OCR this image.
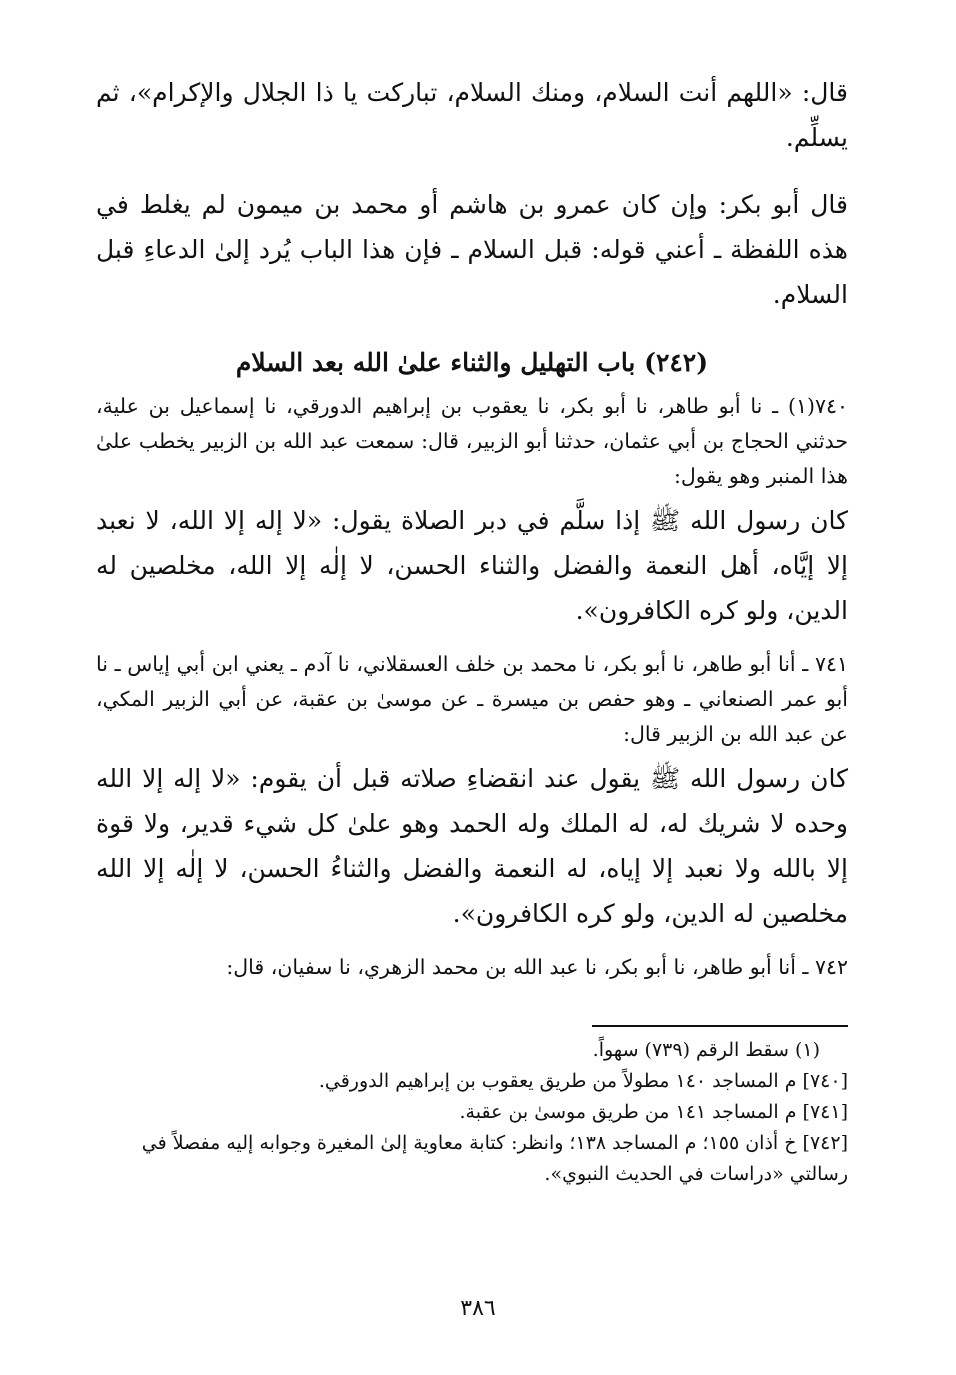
قال: «اللهم أنت السلام، ومنك السلام، تباركت يا ذا الجلال والإكرام»، ثم يسلِّم.

قال أبو بكر: وإن كان عمرو بن هاشم أو محمد بن ميمون لم يغلط في هذه اللفظة ـ أعني قوله: قبل السلام ـ فإن هذا الباب يُرد إلىٰ الدعاءِ قبل السلام.

(٢٤٢) باب التهليل والثناء علىٰ الله بعد السلام

٧٤٠(١) ـ نا أبو طاهر، نا أبو بكر، نا يعقوب بن إبراهيم الدورقي، نا إسماعيل بن علية، حدثني الحجاج بن أبي عثمان، حدثنا أبو الزبير، قال: سمعت عبد الله بن الزبير يخطب علىٰ هذا المنبر وهو يقول:

كان رسول الله ﷺ إذا سلَّم في دبر الصلاة يقول: «لا إله إلا الله، لا نعبد إلا إيَّاه، أهل النعمة والفضل والثناء الحسن، لا إلٰه إلا الله، مخلصين له الدين، ولو كره الكافرون».

٧٤١ ـ أنا أبو طاهر، نا أبو بكر، نا محمد بن خلف العسقلاني، نا آدم ـ يعني ابن أبي إياس ـ نا أبو عمر الصنعاني ـ وهو حفص بن ميسرة ـ عن موسىٰ بن عقبة، عن أبي الزبير المكي، عن عبد الله بن الزبير قال:

كان رسول الله ﷺ يقول عند انقضاءِ صلاته قبل أن يقوم: «لا إله إلا الله وحده لا شريك له، له الملك وله الحمد وهو علىٰ كل شيء قدير، ولا قوة إلا بالله ولا نعبد إلا إياه، له النعمة والفضل والثناءُ الحسن، لا إلٰه إلا الله مخلصين له الدين، ولو كره الكافرون».

٧٤٢ ـ أنا أبو طاهر، نا أبو بكر، نا عبد الله بن محمد الزهري، نا سفيان، قال:

(١) سقط الرقم (٧٣٩) سهواً.

[٧٤٠] م المساجد ١٤٠ مطولاً من طريق يعقوب بن إبراهيم الدورقي.

[٧٤١] م المساجد ١٤١ من طريق موسىٰ بن عقبة.

[٧٤٢] خ أذان ١٥٥؛ م المساجد ١٣٨؛ وانظر: كتابة معاوية إلىٰ المغيرة وجوابه إليه مفصلاً في رسالتي «دراسات في الحديث النبوي».

٣٨٦
